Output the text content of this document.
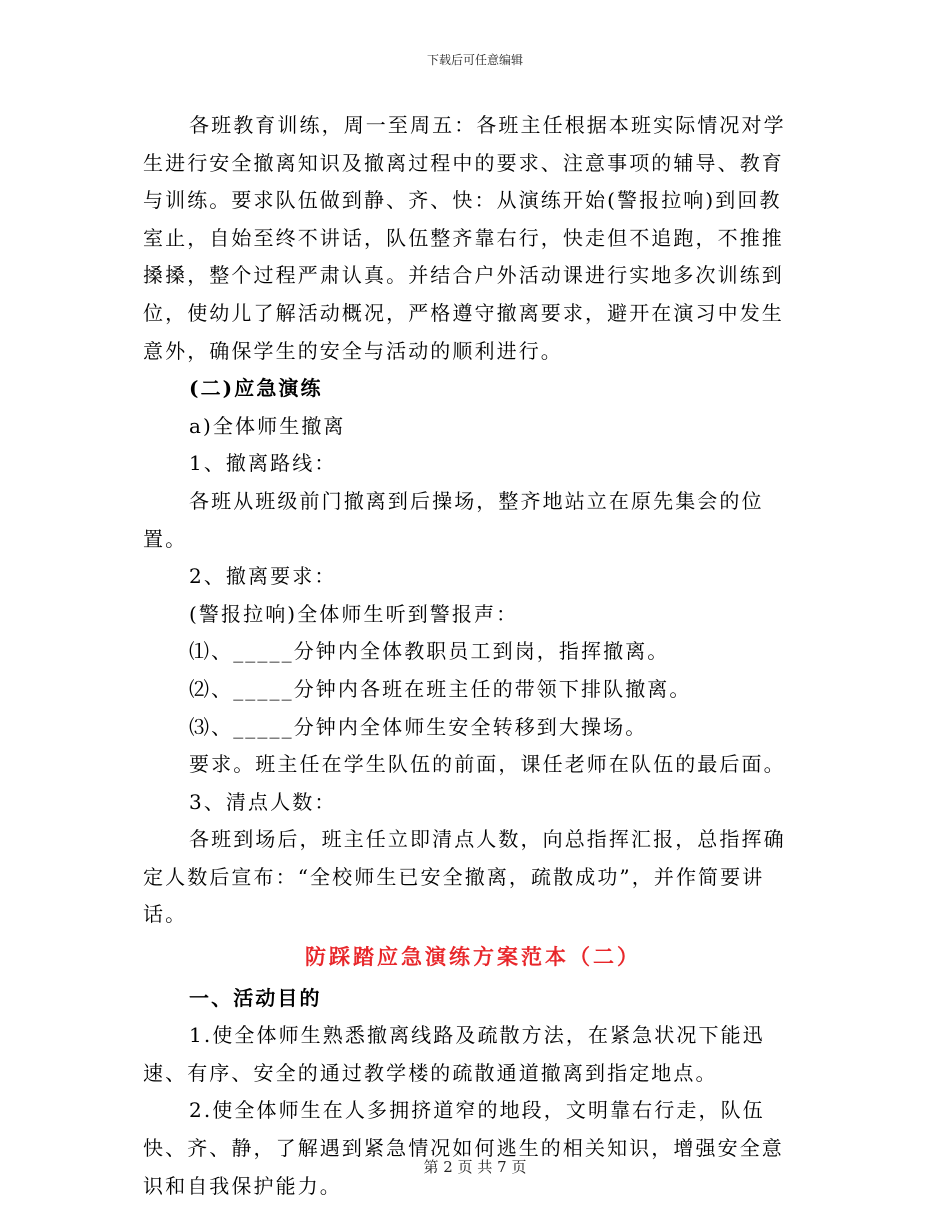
下载后可任意编辑

各班教育训练，周一至周五：各班主任根据本班实际情况对学生进行安全撤离知识及撤离过程中的要求、注意事项的辅导、教育与训练。要求队伍做到静、齐、快：从演练开始(警报拉响)到回教室止，自始至终不讲话，队伍整齐靠右行，快走但不追跑，不推推搡搡，整个过程严肃认真。并结合户外活动课进行实地多次训练到位，使幼儿了解活动概况，严格遵守撤离要求，避开在演习中发生意外，确保学生的安全与活动的顺利进行。

(二)应急演练

a)全体师生撤离

1、撤离路线：

各班从班级前门撤离到后操场，整齐地站立在原先集会的位置。

2、撤离要求：

(警报拉响)全体师生听到警报声：

⑴、_____分钟内全体教职员工到岗，指挥撤离。

⑵、_____分钟内各班在班主任的带领下排队撤离。

⑶、_____分钟内全体师生安全转移到大操场。

要求。班主任在学生队伍的前面，课任老师在队伍的最后面。

3、清点人数：

各班到场后，班主任立即清点人数，向总指挥汇报，总指挥确定人数后宣布：“全校师生已安全撤离，疏散成功”，并作简要讲话。

防踩踏应急演练方案范本（二）

一、活动目的

1.使全体师生熟悉撤离线路及疏散方法，在紧急状况下能迅速、有序、安全的通过教学楼的疏散通道撤离到指定地点。

2.使全体师生在人多拥挤道窄的地段，文明靠右行走，队伍快、齐、静，了解遇到紧急情况如何逃生的相关知识，增强安全意识和自我保护能力。

第 2 页 共 7 页
